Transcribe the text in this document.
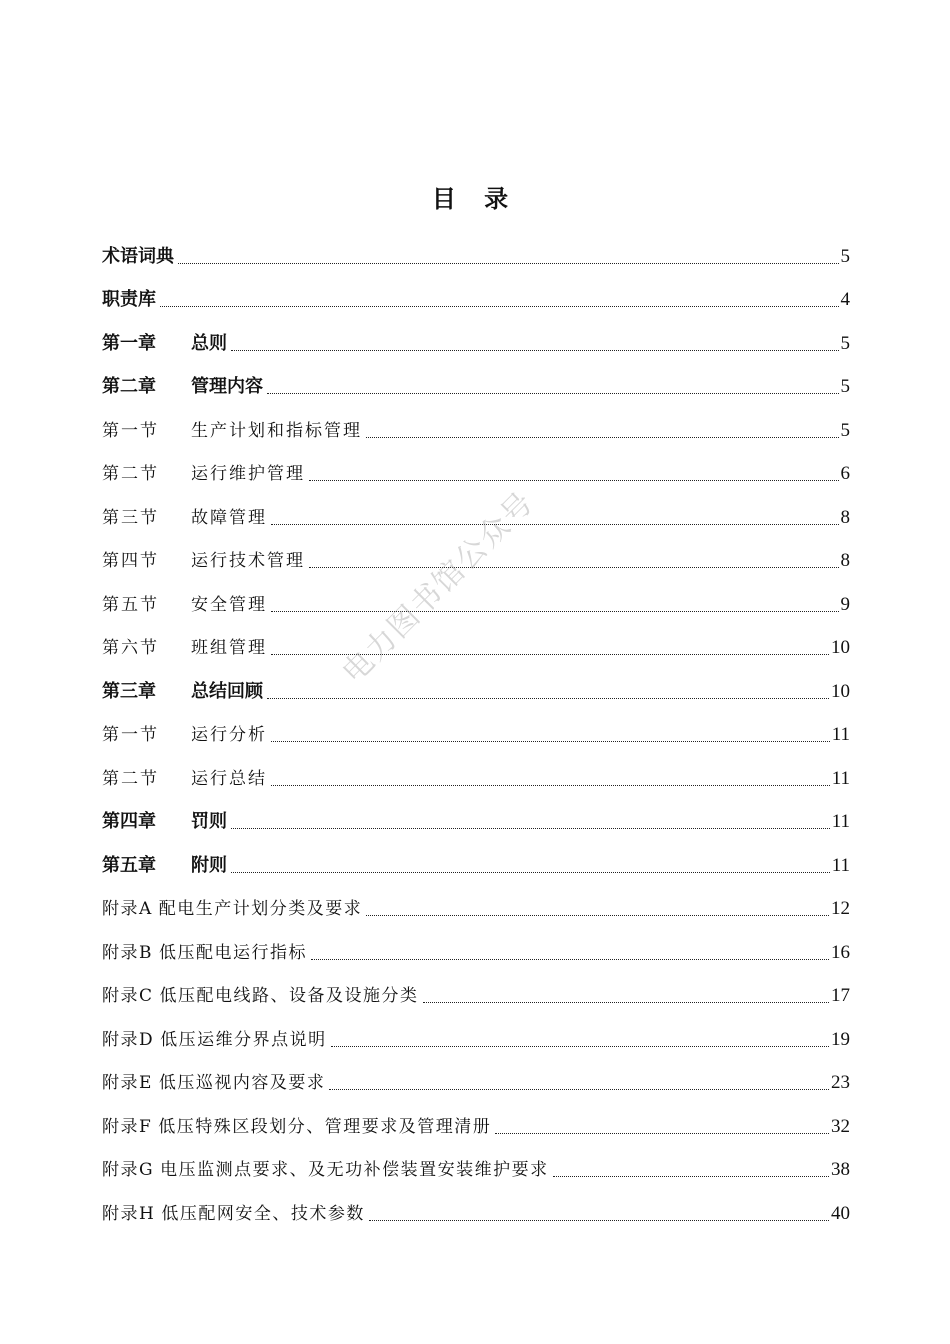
目 录
术语词典	5
职责库	4
第一章 总则	5
第二章 管理内容	5
第一节 生产计划和指标管理	5
第二节 运行维护管理	6
第三节 故障管理	8
第四节 运行技术管理	8
第五节 安全管理	9
第六节 班组管理	10
第三章 总结回顾	10
第一节 运行分析	11
第二节 运行总结	11
第四章 罚则	11
第五章 附则	11
附录A 配电生产计划分类及要求	12
附录B 低压配电运行指标	16
附录C 低压配电线路、设备及设施分类	17
附录D 低压运维分界点说明	19
附录E 低压巡视内容及要求	23
附录F 低压特殊区段划分、管理要求及管理清册	32
附录G 电压监测点要求、及无功补偿装置安装维护要求	38
附录H 低压配网安全、技术参数	40
电力图书馆公众号
